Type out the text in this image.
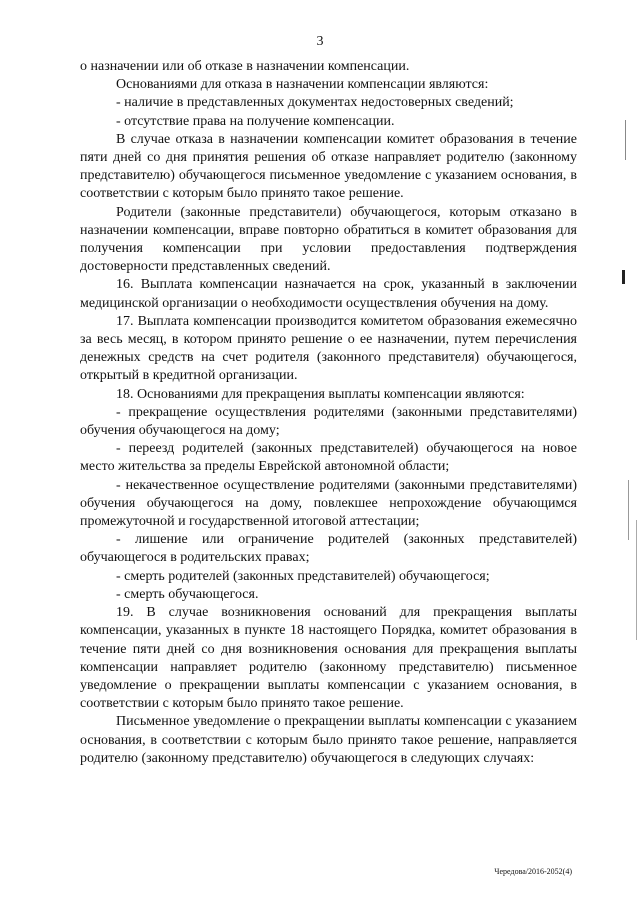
3

о назначении или об отказе в назначении компенсации.

Основаниями для отказа в назначении компенсации являются:

- наличие в представленных документах недостоверных сведений;

- отсутствие права на получение компенсации.

В случае отказа в назначении компенсации комитет образования в течение пяти дней со дня принятия решения об отказе направляет родителю (законному представителю) обучающегося письменное уведомление с указанием основания, в соответствии с которым было принято такое решение.

Родители (законные представители) обучающегося, которым отказано в назначении компенсации, вправе повторно обратиться в комитет образования для получения компенсации при условии предоставления подтверждения достоверности представленных сведений.

16. Выплата компенсации назначается на срок, указанный в заключении медицинской организации о необходимости осуществления обучения на дому.

17. Выплата компенсации производится комитетом образования ежемесячно за весь месяц, в котором принято решение о ее назначении, путем перечисления денежных средств на счет родителя (законного представителя) обучающегося, открытый в кредитной организации.

18. Основаниями для прекращения выплаты компенсации являются:

- прекращение осуществления родителями (законными представителями) обучения обучающегося на дому;

- переезд родителей (законных представителей) обучающегося на новое место жительства за пределы Еврейской автономной области;

- некачественное осуществление родителями (законными представителями) обучения обучающегося на дому, повлекшее непрохождение обучающимся промежуточной и государственной итоговой аттестации;

- лишение или ограничение родителей (законных представителей) обучающегося в родительских правах;

- смерть родителей (законных представителей) обучающегося;

- смерть обучающегося.

19. В случае возникновения оснований для прекращения выплаты компенсации, указанных в пункте 18 настоящего Порядка, комитет образования в течение пяти дней со дня возникновения основания для прекращения выплаты компенсации направляет родителю (законному представителю) письменное уведомление о прекращении выплаты компенсации с указанием основания, в соответствии с которым было принято такое решение.

Письменное уведомление о прекращении выплаты компенсации с указанием основания, в соответствии с которым было принято такое решение, направляется родителю (законному представителю) обучающегося в следующих случаях:

Чередова/2016-2052(4)
